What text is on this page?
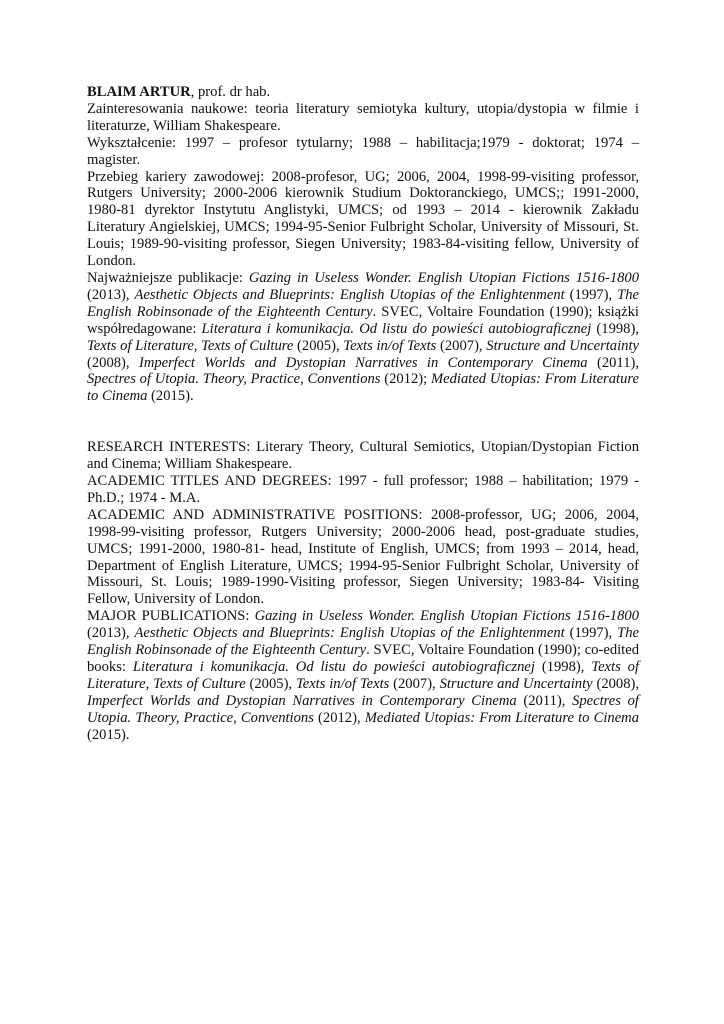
BLAIM ARTUR, prof. dr hab.

Zainteresowania naukowe: teoria literatury semiotyka kultury, utopia/dystopia w filmie i literaturze, William Shakespeare.

Wykształcenie: 1997 – profesor tytularny; 1988 – habilitacja;1979 - doktorat; 1974 – magister.

Przebieg kariery zawodowej: 2008-profesor, UG; 2006, 2004, 1998-99-visiting professor, Rutgers University; 2000-2006 kierownik Studium Doktoranckiego, UMCS;; 1991-2000, 1980-81 dyrektor Instytutu Anglistyki, UMCS; od 1993 – 2014 - kierownik Zakładu Literatury Angielskiej, UMCS; 1994-95-Senior Fulbright Scholar, University of Missouri, St. Louis; 1989-90-visiting professor, Siegen University; 1983-84-visiting fellow, University of London.

Najważniejsze publikacje: Gazing in Useless Wonder. English Utopian Fictions 1516-1800 (2013), Aesthetic Objects and Blueprints: English Utopias of the Enlightenment (1997), The English Robinsonade of the Eighteenth Century. SVEC, Voltaire Foundation (1990); książki współredagowane: Literatura i komunikacja. Od listu do powieści autobiograficznej (1998), Texts of Literature, Texts of Culture (2005), Texts in/of Texts (2007), Structure and Uncertainty (2008), Imperfect Worlds and Dystopian Narratives in Contemporary Cinema (2011), Spectres of Utopia. Theory, Practice, Conventions (2012); Mediated Utopias: From Literature to Cinema (2015).

RESEARCH INTERESTS: Literary Theory, Cultural Semiotics, Utopian/Dystopian Fiction and Cinema; William Shakespeare.

ACADEMIC TITLES AND DEGREES: 1997 - full professor; 1988 – habilitation; 1979 - Ph.D.; 1974 - M.A.

ACADEMIC AND ADMINISTRATIVE POSITIONS: 2008-professor, UG; 2006, 2004, 1998-99-visiting professor, Rutgers University; 2000-2006 head, post-graduate studies, UMCS; 1991-2000, 1980-81- head, Institute of English, UMCS; from 1993 – 2014, head, Department of English Literature, UMCS; 1994-95-Senior Fulbright Scholar, University of Missouri, St. Louis; 1989-1990-Visiting professor, Siegen University; 1983-84- Visiting Fellow, University of London.

MAJOR PUBLICATIONS: Gazing in Useless Wonder. English Utopian Fictions 1516-1800 (2013), Aesthetic Objects and Blueprints: English Utopias of the Enlightenment (1997), The English Robinsonade of the Eighteenth Century. SVEC, Voltaire Foundation (1990); co-edited books: Literatura i komunikacja. Od listu do powieści autobiograficznej (1998), Texts of Literature, Texts of Culture (2005), Texts in/of Texts (2007), Structure and Uncertainty (2008), Imperfect Worlds and Dystopian Narratives in Contemporary Cinema (2011), Spectres of Utopia. Theory, Practice, Conventions (2012), Mediated Utopias: From Literature to Cinema (2015).
